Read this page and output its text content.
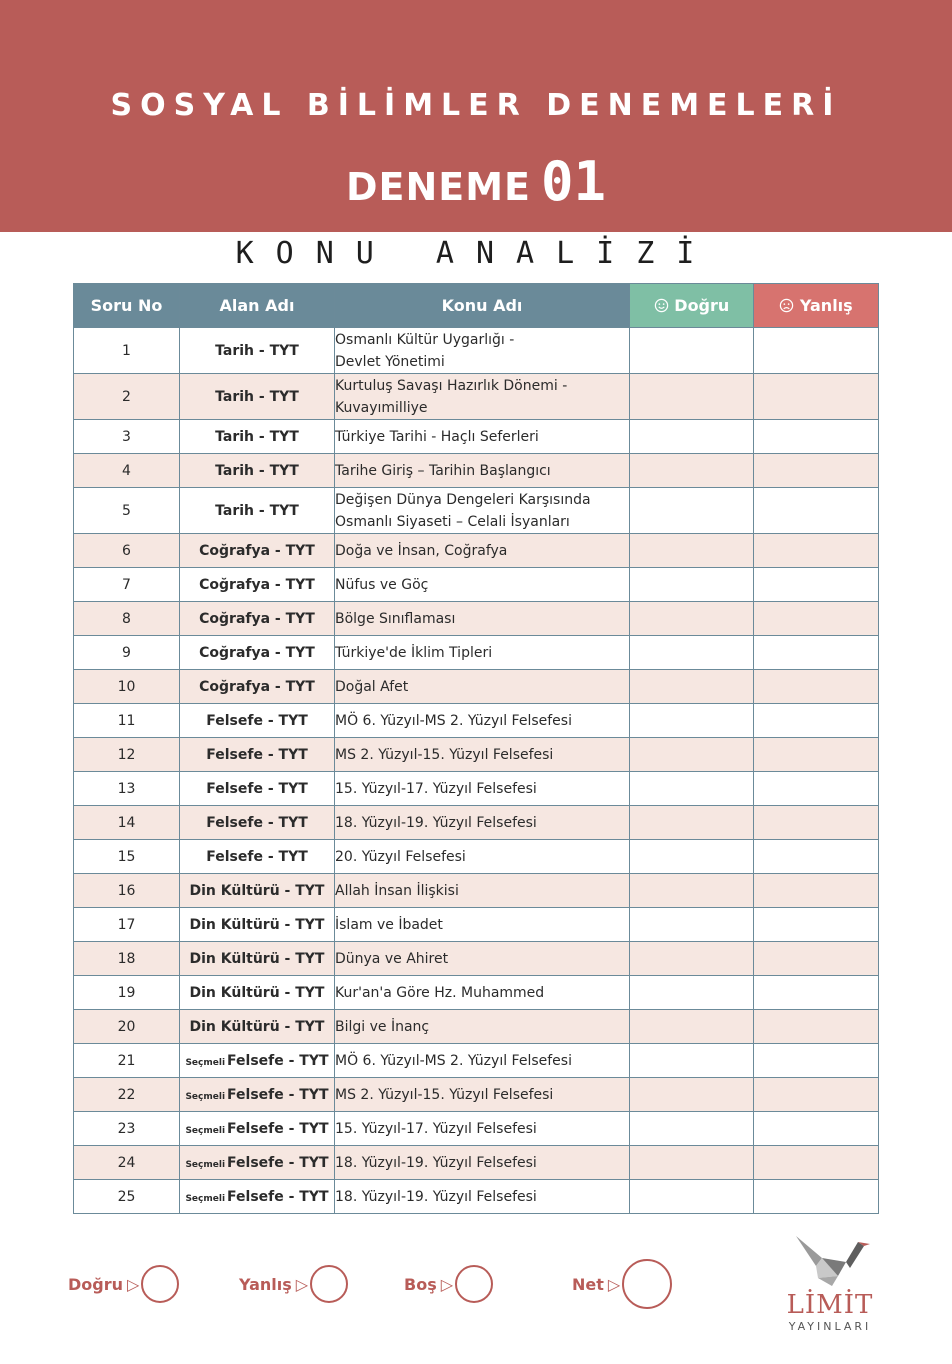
SOSYAL BİLİMLER DENEMELERİ
DENEME 01
KONU ANALİZİ
Soru No	Alan Adı	Konu Adı	Doğru	Yanlış
1	Tarih - TYT	Osmanlı Kültür Uygarlığı -
Devlet Yönetimi		
2	Tarih - TYT	Kurtuluş Savaşı Hazırlık Dönemi -
Kuvayımilliye		
3	Tarih - TYT	Türkiye Tarihi - Haçlı Seferleri		
4	Tarih - TYT	Tarihe Giriş – Tarihin Başlangıcı		
5	Tarih - TYT	Değişen Dünya Dengeleri Karşısında
Osmanlı Siyaseti – Celali İsyanları		
6	Coğrafya - TYT	Doğa ve İnsan, Coğrafya		
7	Coğrafya - TYT	Nüfus ve Göç		
8	Coğrafya - TYT	Bölge Sınıflaması		
9	Coğrafya - TYT	Türkiye'de İklim Tipleri		
10	Coğrafya - TYT	Doğal Afet		
11	Felsefe - TYT	MÖ 6. Yüzyıl-MS 2. Yüzyıl Felsefesi		
12	Felsefe - TYT	MS 2. Yüzyıl-15. Yüzyıl Felsefesi		
13	Felsefe - TYT	15. Yüzyıl-17. Yüzyıl Felsefesi		
14	Felsefe - TYT	18. Yüzyıl-19. Yüzyıl Felsefesi		
15	Felsefe - TYT	20. Yüzyıl Felsefesi		
16	Din Kültürü - TYT	Allah İnsan İlişkisi		
17	Din Kültürü - TYT	İslam ve İbadet		
18	Din Kültürü - TYT	Dünya ve Ahiret		
19	Din Kültürü - TYT	Kur'an'a Göre Hz. Muhammed		
20	Din Kültürü - TYT	Bilgi ve İnanç		
21	Seçmeli Felsefe - TYT	MÖ 6. Yüzyıl-MS 2. Yüzyıl Felsefesi		
22	Seçmeli Felsefe - TYT	MS 2. Yüzyıl-15. Yüzyıl Felsefesi		
23	Seçmeli Felsefe - TYT	15. Yüzyıl-17. Yüzyıl Felsefesi		
24	Seçmeli Felsefe - TYT	18. Yüzyıl-19. Yüzyıl Felsefesi		
25	Seçmeli Felsefe - TYT	18. Yüzyıl-19. Yüzyıl Felsefesi		
Doğru ▷	Yanlış ▷	Boş ▷	Net ▷
LİMİT
YAYINLARI
